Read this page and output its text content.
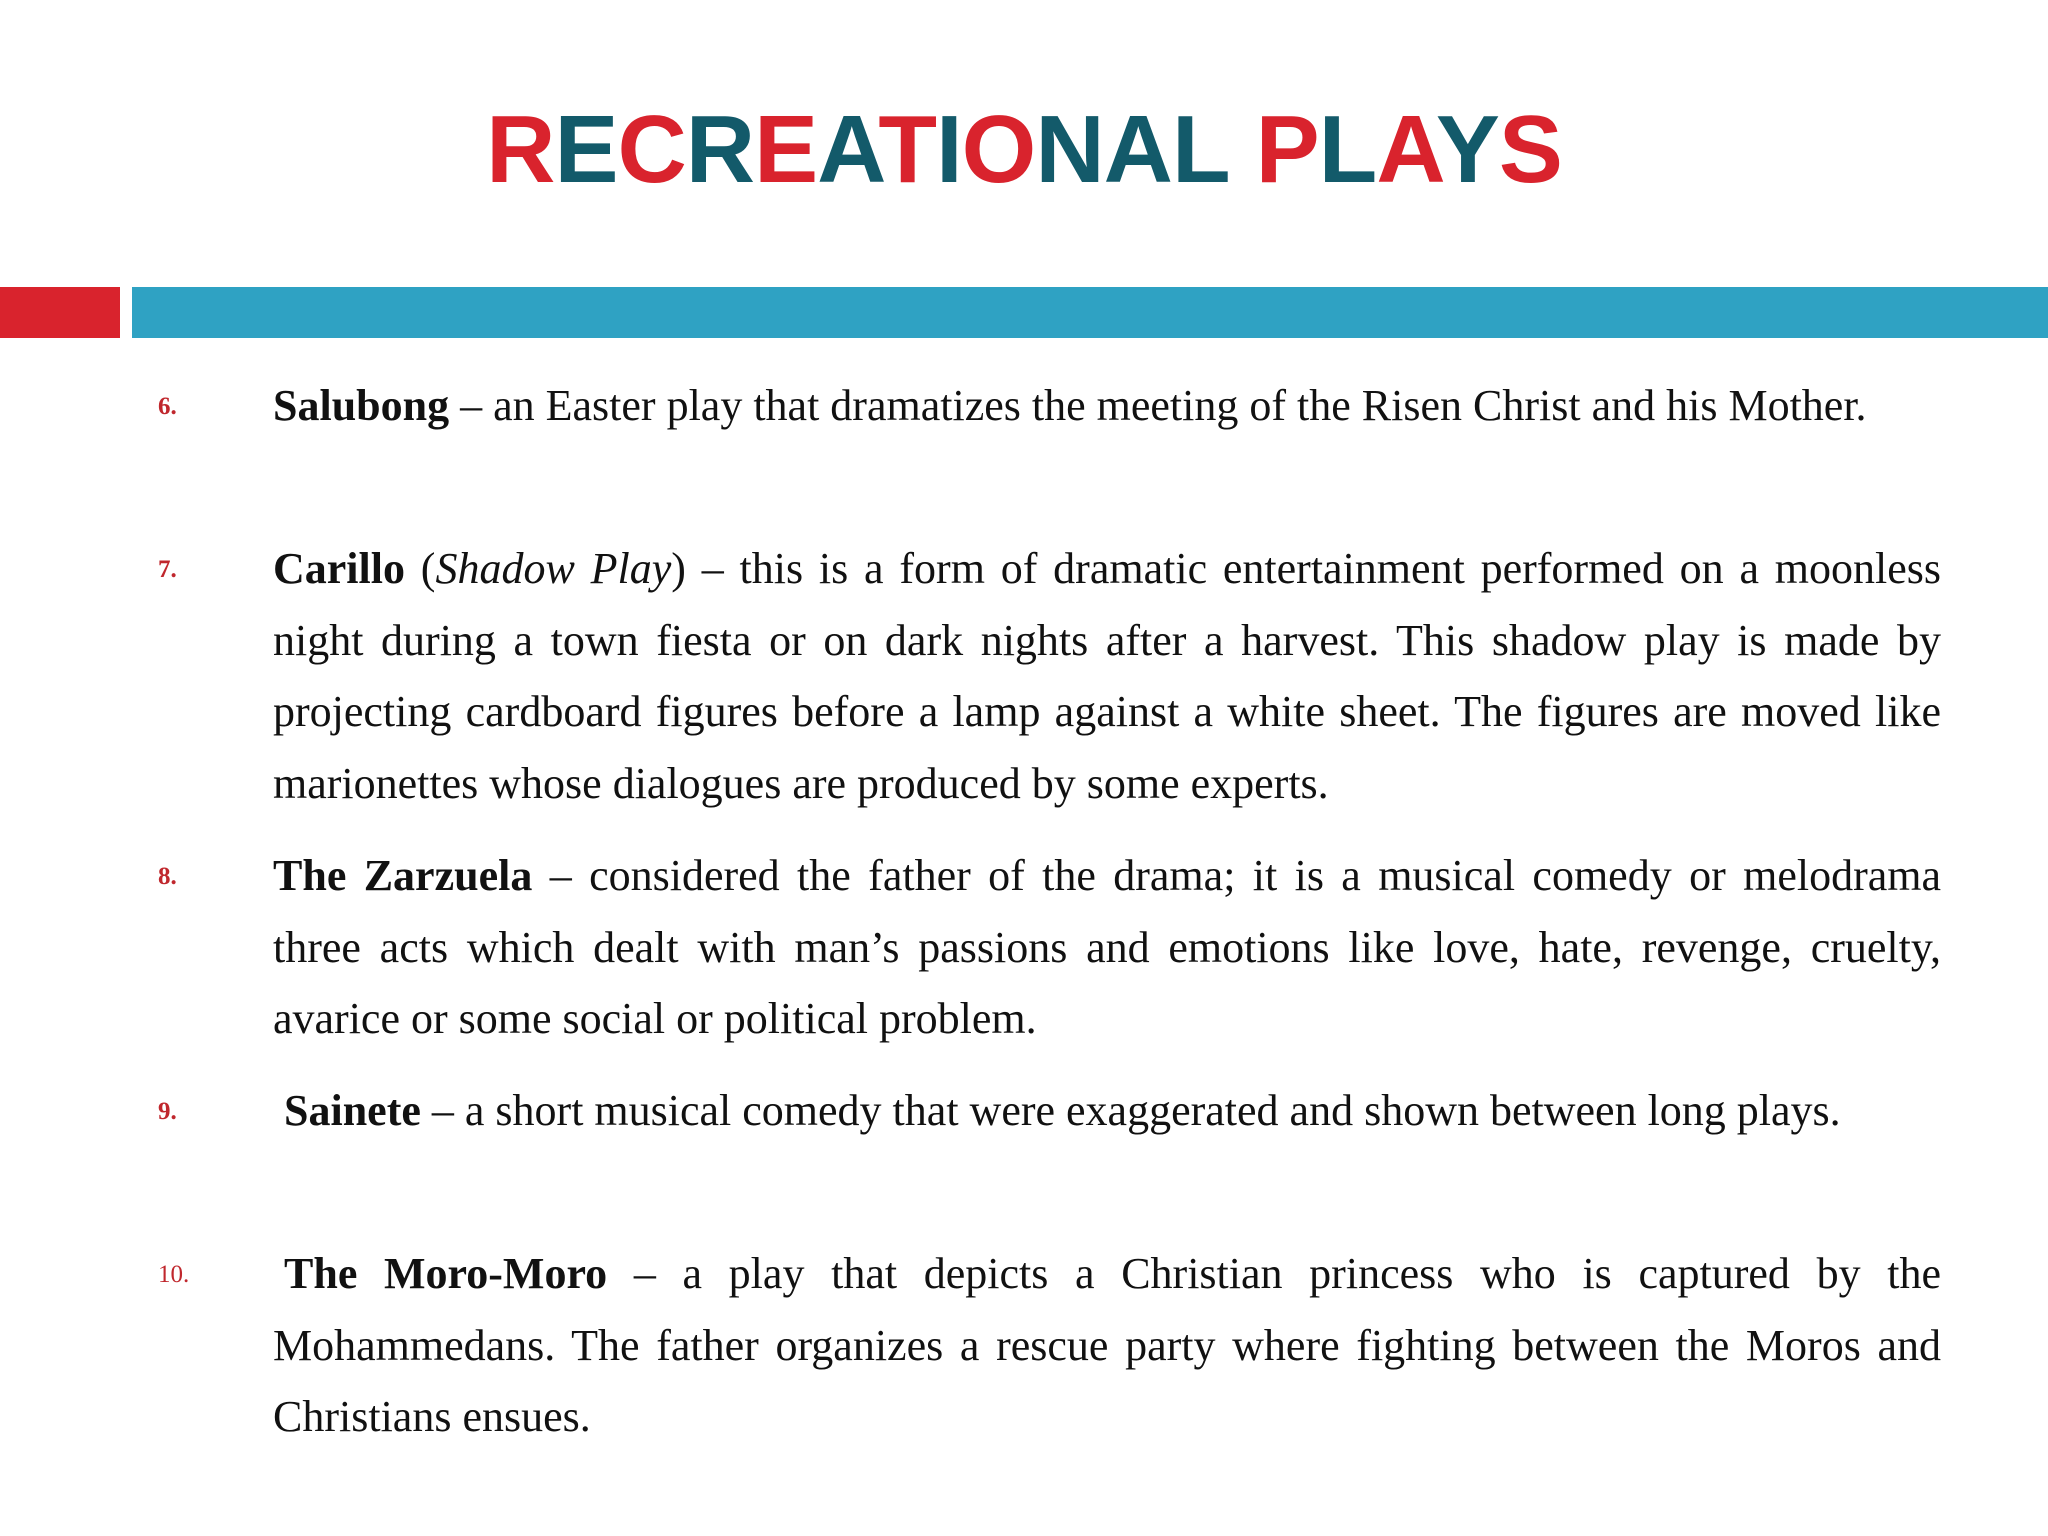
RECREATIONAL PLAYS
6. Salubong – an Easter play that dramatizes the meeting of the Risen Christ and his Mother.
7. Carillo (Shadow Play) – this is a form of dramatic entertainment performed on a moonless night during a town fiesta or on dark nights after a harvest. This shadow play is made by projecting cardboard figures before a lamp against a white sheet. The figures are moved like marionettes whose dialogues are produced by some experts.
8. The Zarzuela – considered the father of the drama; it is a musical comedy or melodrama three acts which dealt with man’s passions and emotions like love, hate, revenge, cruelty, avarice or some social or political problem.
9. Sainete – a short musical comedy that were exaggerated and shown between long plays.
10. The Moro-Moro – a play that depicts a Christian princess who is captured by the Mohammedans. The father organizes a rescue party where fighting between the Moros and Christians ensues.
